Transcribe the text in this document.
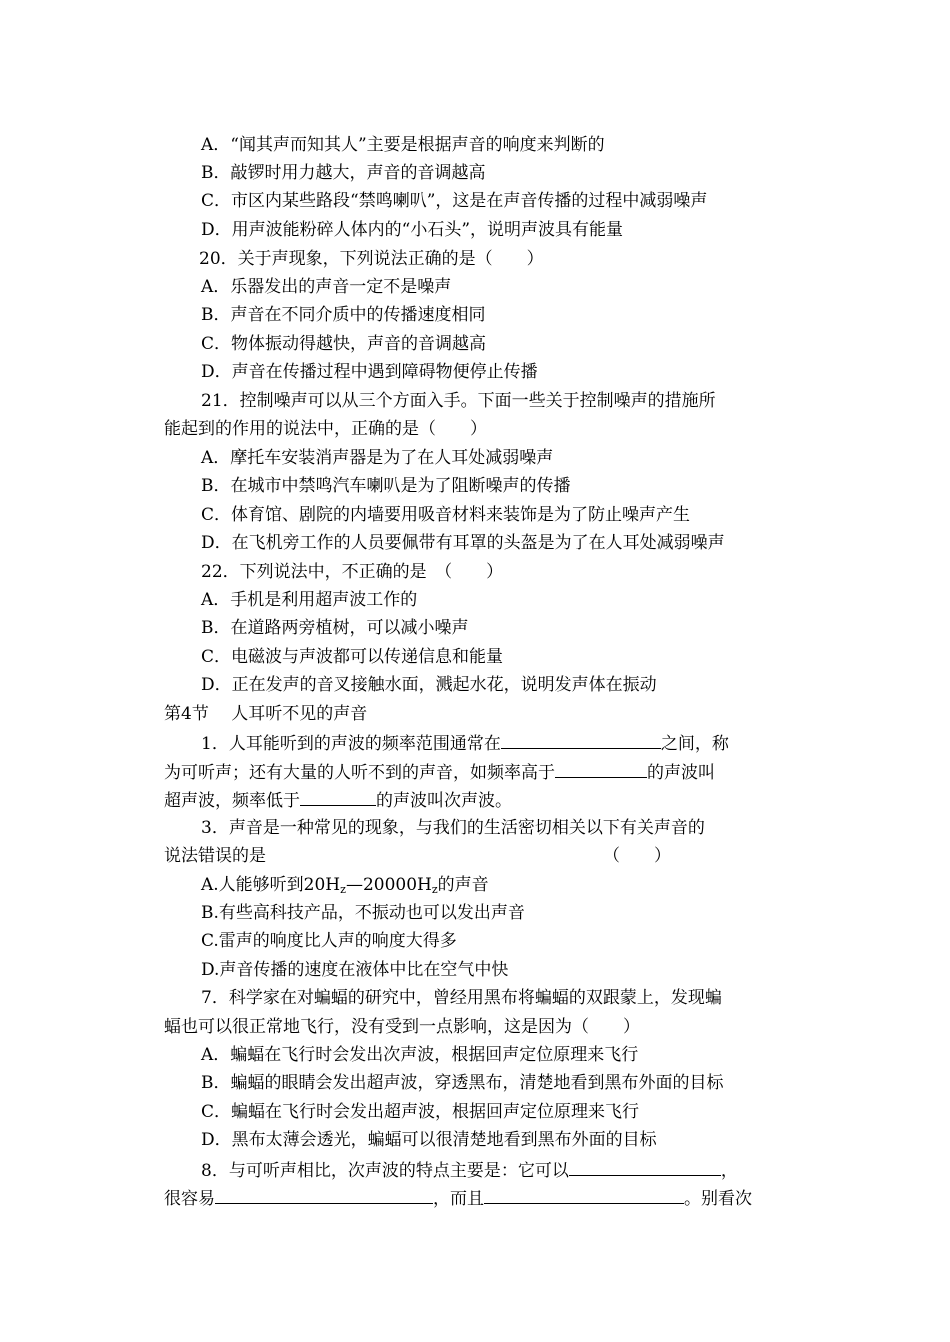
A．“闻其声而知其人”主要是根据声音的响度来判断的
B．敲锣时用力越大，声音的音调越高
C．市区内某些路段“禁鸣喇叭”，这是在声音传播的过程中减弱噪声
D．用声波能粉碎人体内的“小石头”，说明声波具有能量
20．关于声现象，下列说法正确的是（　　）
A．乐器发出的声音一定不是噪声
B．声音在不同介质中的传播速度相同
C．物体振动得越快，声音的音调越高
D．声音在传播过程中遇到障碍物便停止传播
21．控制噪声可以从三个方面入手。下面一些关于控制噪声的措施所
能起到的作用的说法中，正确的是（　　）
A．摩托车安装消声器是为了在人耳处减弱噪声
B．在城市中禁鸣汽车喇叭是为了阻断噪声的传播
C．体育馆、剧院的内墙要用吸音材料来装饰是为了防止噪声产生
D．在飞机旁工作的人员要佩带有耳罩的头盔是为了在人耳处减弱噪声
22．下列说法中，不正确的是　（　　）
A．手机是利用超声波工作的
B．在道路两旁植树，可以减小噪声
C．电磁波与声波都可以传递信息和能量
D．正在发声的音叉接触水面，溅起水花，说明发声体在振动
第4节　 人耳听不见的声音
1．人耳能听到的声波的频率范围通常在	之间，称
为可听声；还有大量的人听不到的声音，如频率高于	的声波叫
超声波，频率低于	的声波叫次声波。
3．声音是一种常见的现象，与我们的生活密切相关以下有关声音的
说法错误的是	（　　）
A.人能够听到$20H_z—20000H_z$的声音
B.有些高科技产品，不振动也可以发出声音
C.雷声的响度比人声的响度大得多
D.声音传播的速度在液体中比在空气中快
7．科学家在对蝙蝠的研究中，曾经用黑布将蝙蝠的双跟蒙上，发现蝙
蝠也可以很正常地飞行，没有受到一点影响，这是因为（　　）
A．蝙蝠在飞行时会发出次声波，根据回声定位原理来飞行
B．蝙蝠的眼睛会发出超声波，穿透黑布，清楚地看到黑布外面的目标
C．蝙蝠在飞行时会发出超声波，根据回声定位原理来飞行
D．黑布太薄会透光，蝙蝠可以很清楚地看到黑布外面的目标
8．与可听声相比，次声波的特点主要是：它可以	，
很容易	，而且	。别看次
